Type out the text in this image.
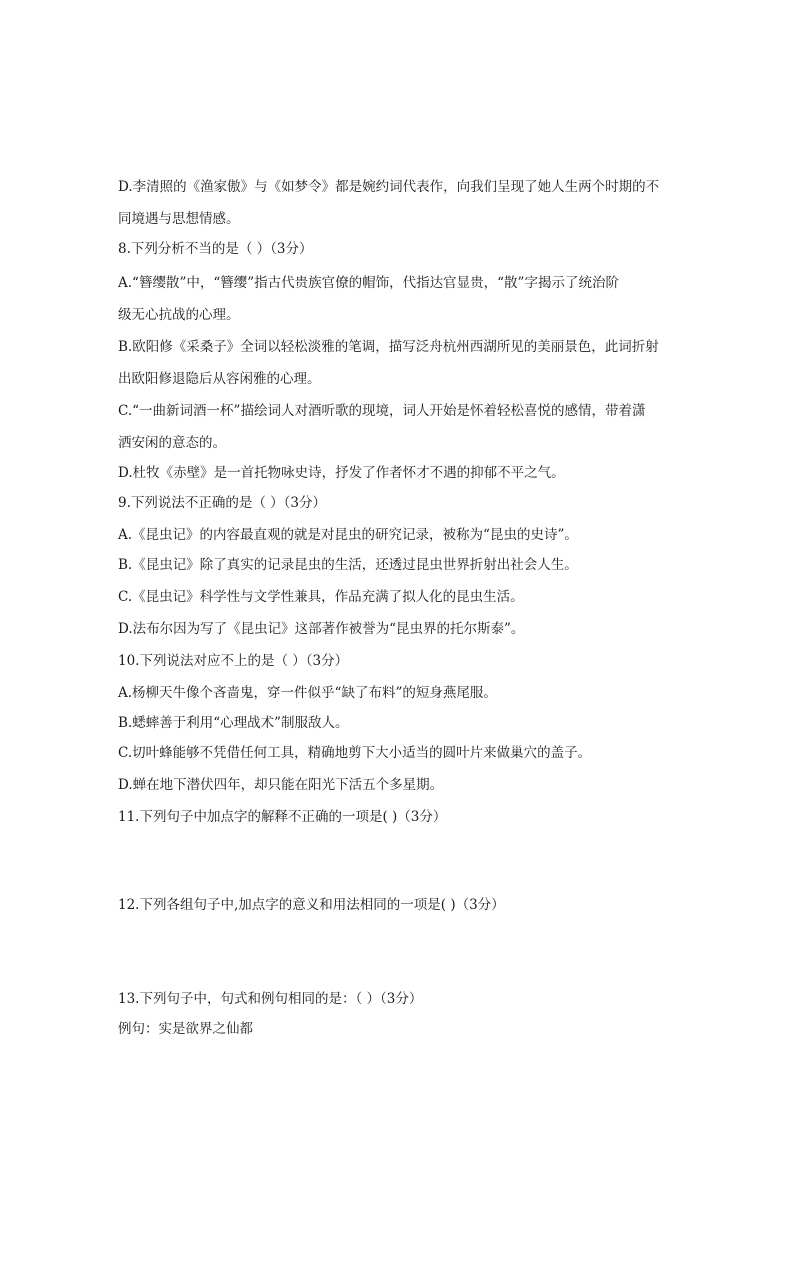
D.李清照的《渔家傲》与《如梦令》都是婉约词代表作，向我们呈现了她人生两个时期的不
同境遇与思想情感。
8.下列分析不当的是（ ）（3分）
A.“簪缨散”中，“簪缨”指古代贵族官僚的帽饰，代指达官显贵，“散”字揭示了统治阶
级无心抗战的心理。
B.欧阳修《采桑子》全词以轻松淡雅的笔调，描写泛舟杭州西湖所见的美丽景色，此词折射
出欧阳修退隐后从容闲雅的心理。
C.“一曲新词酒一杯”描绘词人对酒听歌的现境，词人开始是怀着轻松喜悦的感情，带着潇
洒安闲的意态的。
D.杜牧《赤壁》是一首托物咏史诗，抒发了作者怀才不遇的抑郁不平之气。
9.下列说法不正确的是（ ）（3分）
A.《昆虫记》的内容最直观的就是对昆虫的研究记录，被称为“昆虫的史诗”。
B.《昆虫记》除了真实的记录昆虫的生活，还透过昆虫世界折射出社会人生。
C.《昆虫记》科学性与文学性兼具，作品充满了拟人化的昆虫生活。
D.法布尔因为写了《昆虫记》这部著作被誉为“昆虫界的托尔斯泰”。
10.下列说法对应不上的是（ ）（3分）
A.杨柳天牛像个吝啬鬼，穿一件似乎“缺了布料”的短身燕尾服。
B.蟋蟀善于利用“心理战术”制服敌人。
C.切叶蜂能够不凭借任何工具，精确地剪下大小适当的圆叶片来做巢穴的盖子。
D.蝉在地下潜伏四年，却只能在阳光下活五个多星期。
11.下列句子中加点字的解释不正确的一项是( )（3分）
12.下列各组句子中,加点字的意义和用法相同的一项是( )（3分）
13.下列句子中，句式和例句相同的是：（ ）（3分）
例句：实是欲界之仙都
